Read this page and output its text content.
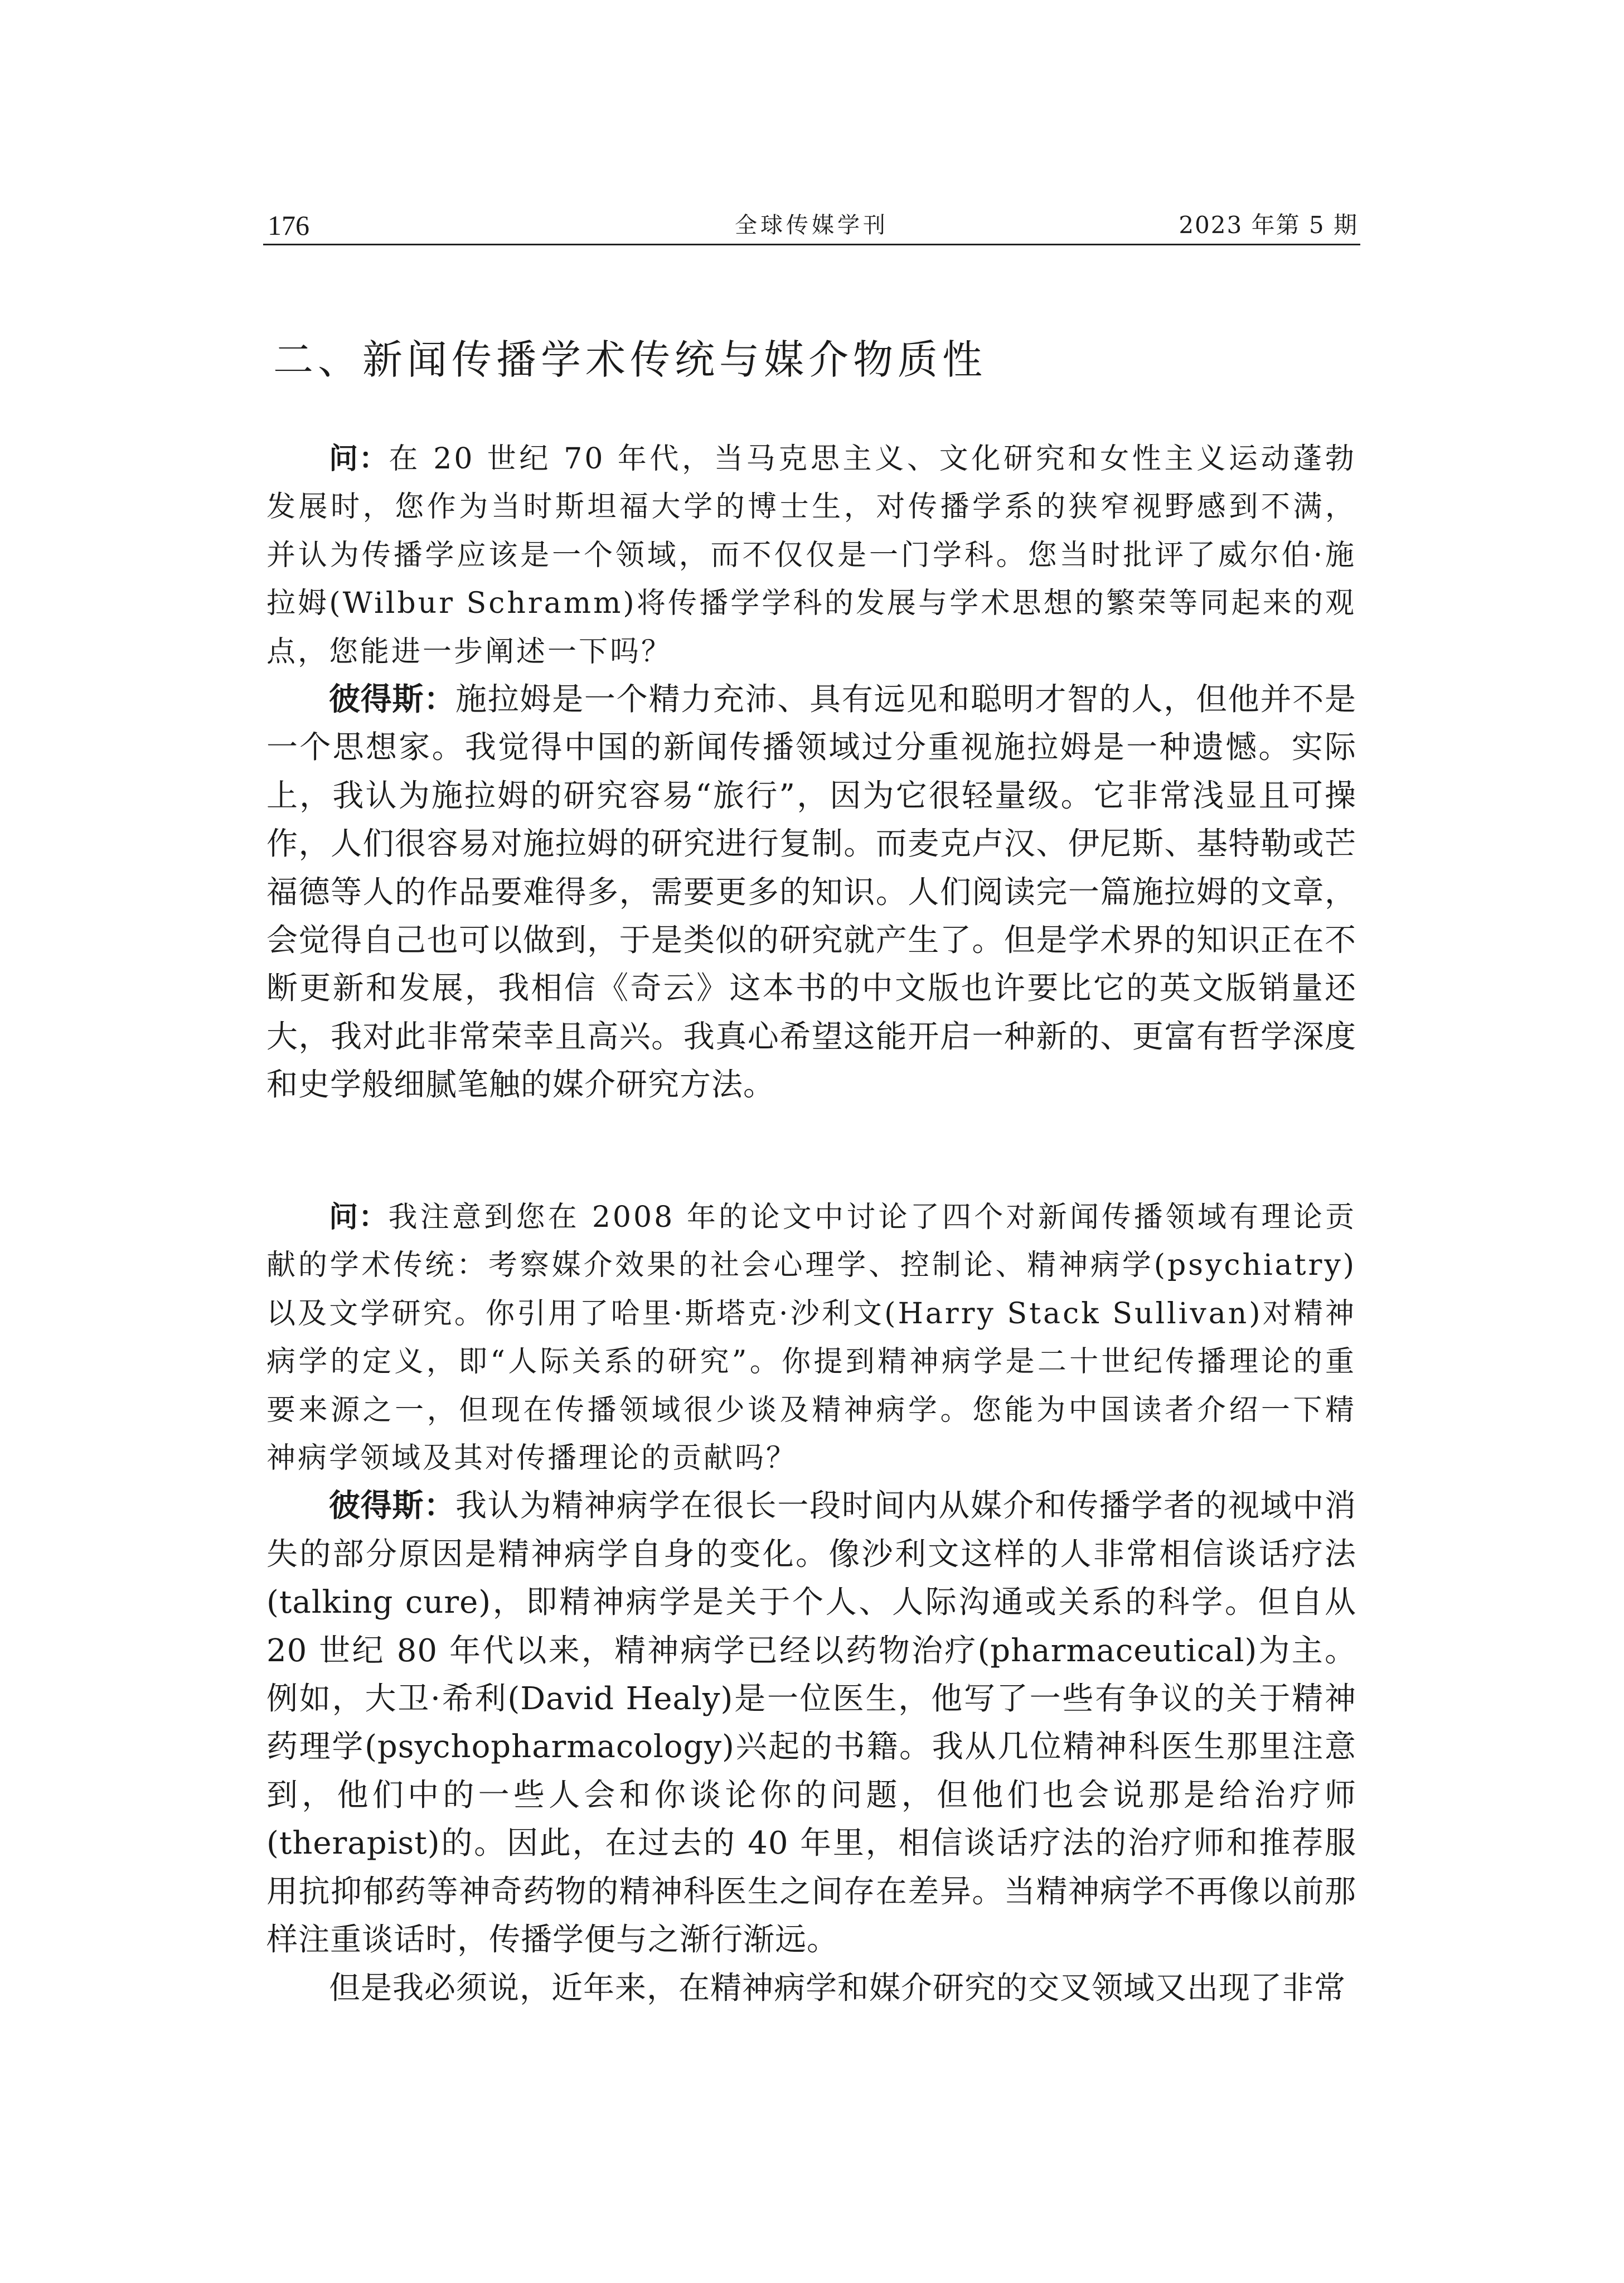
176	全球传媒学刊	2023 年第 5 期
二、新闻传播学术传统与媒介物质性

问：在 20 世纪 70 年代，当马克思主义、文化研究和女性主义运动蓬勃发展时，您作为当时斯坦福大学的博士生，对传播学系的狭窄视野感到不满，并认为传播学应该是一个领域，而不仅仅是一门学科。您当时批评了威尔伯·施拉姆(Wilbur Schramm)将传播学学科的发展与学术思想的繁荣等同起来的观点，您能进一步阐述一下吗？

彼得斯：施拉姆是一个精力充沛、具有远见和聪明才智的人，但他并不是一个思想家。我觉得中国的新闻传播领域过分重视施拉姆是一种遗憾。实际上，我认为施拉姆的研究容易“旅行”，因为它很轻量级。它非常浅显且可操作，人们很容易对施拉姆的研究进行复制。而麦克卢汉、伊尼斯、基特勒或芒福德等人的作品要难得多，需要更多的知识。人们阅读完一篇施拉姆的文章，会觉得自己也可以做到，于是类似的研究就产生了。但是学术界的知识正在不断更新和发展，我相信《奇云》这本书的中文版也许要比它的英文版销量还大，我对此非常荣幸且高兴。我真心希望这能开启一种新的、更富有哲学深度和史学般细腻笔触的媒介研究方法。

问：我注意到您在 2008 年的论文中讨论了四个对新闻传播领域有理论贡献的学术传统：考察媒介效果的社会心理学、控制论、精神病学(psychiatry)以及文学研究。你引用了哈里·斯塔克·沙利文(Harry Stack Sullivan)对精神病学的定义，即“人际关系的研究”。你提到精神病学是二十世纪传播理论的重要来源之一，但现在传播领域很少谈及精神病学。您能为中国读者介绍一下精神病学领域及其对传播理论的贡献吗？

彼得斯：我认为精神病学在很长一段时间内从媒介和传播学者的视域中消失的部分原因是精神病学自身的变化。像沙利文这样的人非常相信谈话疗法(talking cure)，即精神病学是关于个人、人际沟通或关系的科学。但自从 20 世纪 80 年代以来，精神病学已经以药物治疗(pharmaceutical)为主。例如，大卫·希利(David Healy)是一位医生，他写了一些有争议的关于精神药理学(psychopharmacology)兴起的书籍。我从几位精神科医生那里注意到，他们中的一些人会和你谈论你的问题，但他们也会说那是给治疗师(therapist)的。因此，在过去的 40 年里，相信谈话疗法的治疗师和推荐服用抗抑郁药等神奇药物的精神科医生之间存在差异。当精神病学不再像以前那样注重谈话时，传播学便与之渐行渐远。

但是我必须说，近年来，在精神病学和媒介研究的交叉领域又出现了非常
